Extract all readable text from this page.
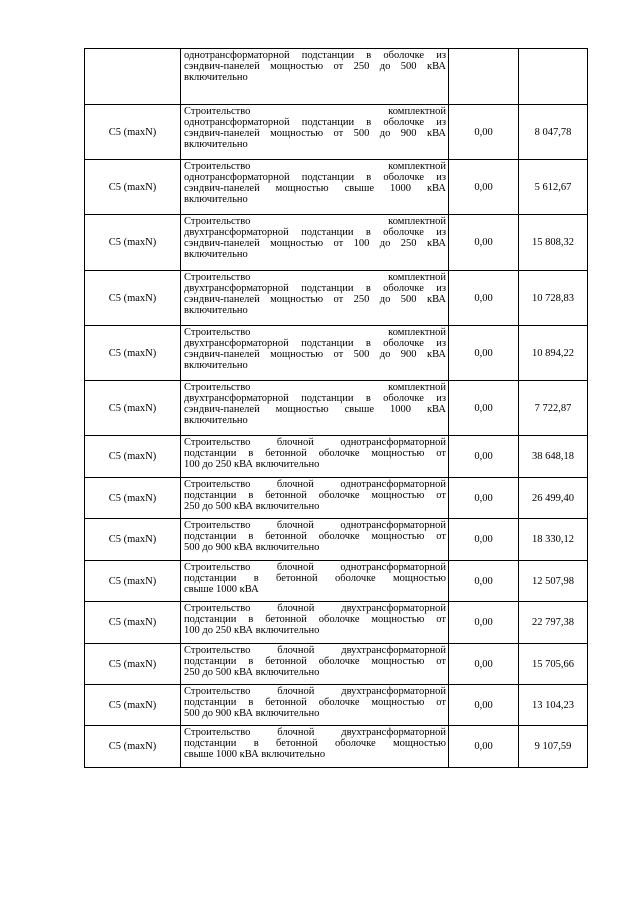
	однотрансформаторной подстанции в оболочке из
сэндвич-панелей мощностью от 250 до 500 кВА
включительно		

C5 (maxN)	Строительство комплектной
однотрансформаторной подстанции в оболочке из
сэндвич-панелей мощностью от 500 до 900 кВА
включительно	0,00	8 047,78
C5 (maxN)	Строительство комплектной
однотрансформаторной подстанции в оболочке из
сэндвич-панелей мощностью свыше 1000 кВА
включительно	0,00	5 612,67
C5 (maxN)	Строительство комплектной
двухтрансформаторной подстанции в оболочке из
сэндвич-панелей мощностью от 100 до 250 кВА
включительно	0,00	15 808,32
C5 (maxN)	Строительство комплектной
двухтрансформаторной подстанции в оболочке из
сэндвич-панелей мощностью от 250 до 500 кВА
включительно	0,00	10 728,83
C5 (maxN)	Строительство комплектной
двухтрансформаторной подстанции в оболочке из
сэндвич-панелей мощностью от 500 до 900 кВА
включительно	0,00	10 894,22
C5 (maxN)	Строительство комплектной
двухтрансформаторной подстанции в оболочке из
сэндвич-панелей мощностью свыше 1000 кВА
включительно	0,00	7 722,87
C5 (maxN)	Строительство блочной однотрансформаторной
подстанции в бетонной оболочке мощностью от
100 до 250 кВА включительно	0,00	38 648,18
C5 (maxN)	Строительство блочной однотрансформаторной
подстанции в бетонной оболочке мощностью от
250 до 500 кВА включительно	0,00	26 499,40
C5 (maxN)	Строительство блочной однотрансформаторной
подстанции в бетонной оболочке мощностью от
500 до 900 кВА включительно	0,00	18 330,12
C5 (maxN)	Строительство блочной однотрансформаторной
подстанции в бетонной оболочке мощностью
свыше 1000 кВА	0,00	12 507,98
C5 (maxN)	Строительство блочной двухтрансформаторной
подстанции в бетонной оболочке мощностью от
100 до 250 кВА включительно	0,00	22 797,38
C5 (maxN)	Строительство блочной двухтрансформаторной
подстанции в бетонной оболочке мощностью от
250 до 500 кВА включительно	0,00	15 705,66
C5 (maxN)	Строительство блочной двухтрансформаторной
подстанции в бетонной оболочке мощностью от
500 до 900 кВА включительно	0,00	13 104,23
C5 (maxN)	Строительство блочной двухтрансформаторной
подстанции в бетонной оболочке мощностью
свыше 1000 кВА включительно	0,00	9 107,59
